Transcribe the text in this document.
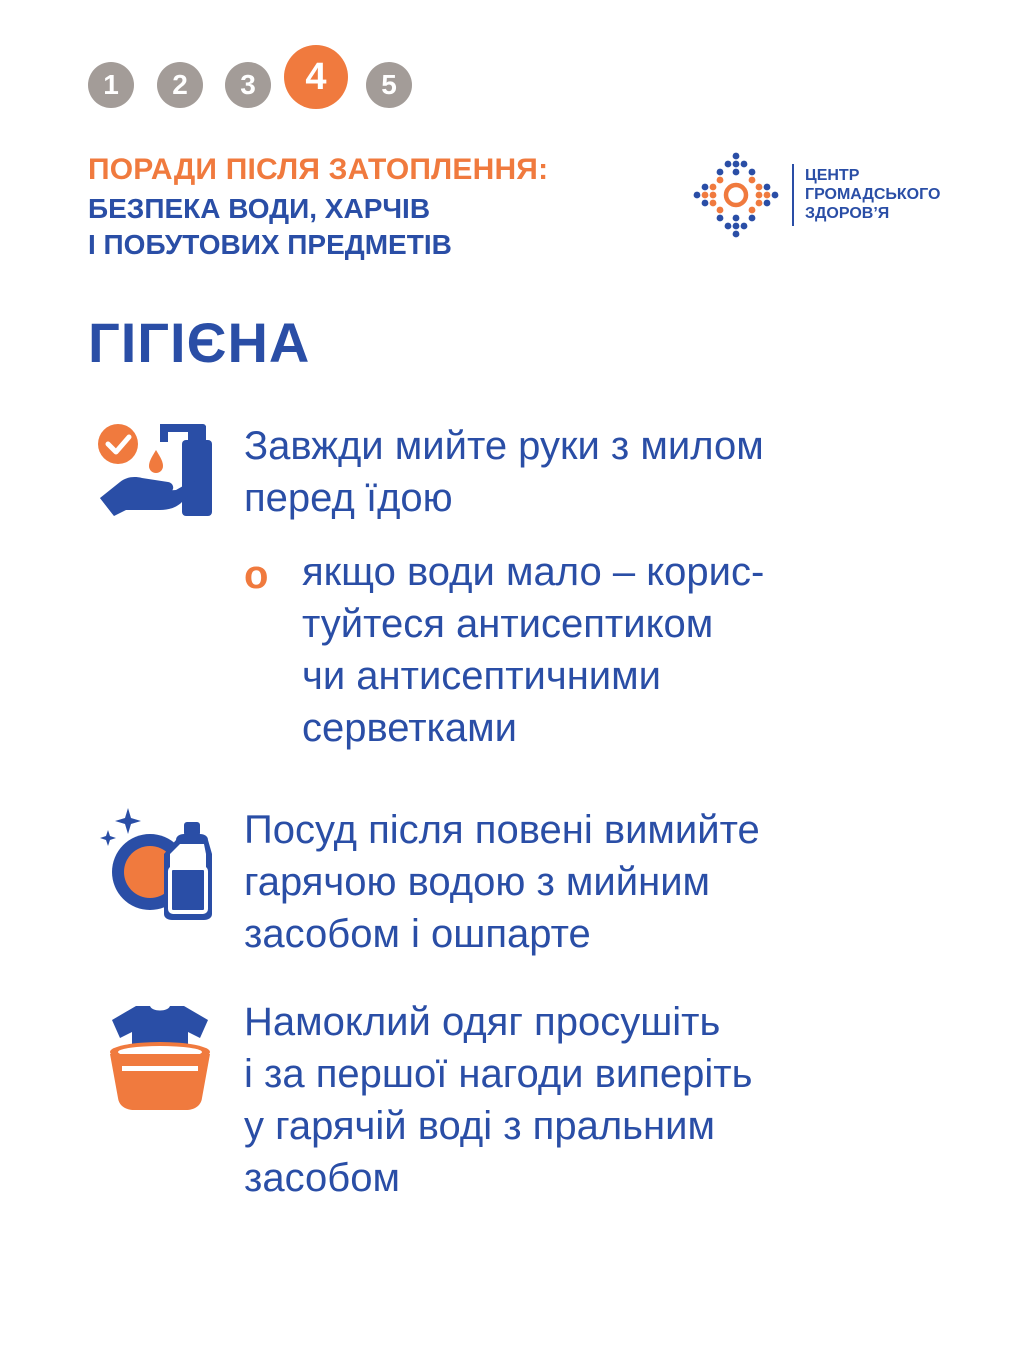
1	2	3	4	5
ПОРАДИ ПІСЛЯ ЗАТОПЛЕННЯ:
БЕЗПЕКА ВОДИ, ХАРЧІВ
І ПОБУТОВИХ ПРЕДМЕТІВ
ЦЕНТР
ГРОМАДСЬКОГО
ЗДОРОВ’Я
ГІГІЄНА
Завжди мийте руки з милом
перед їдою
о якщо води мало – корис-
туйтеся антисептиком
чи антисептичними
серветками
Посуд після повені вимийте
гарячою водою з мийним
засобом і ошпарте
Намоклий одяг просушіть
і за першої нагоди виперіть
у гарячій воді з пральним
засобом
